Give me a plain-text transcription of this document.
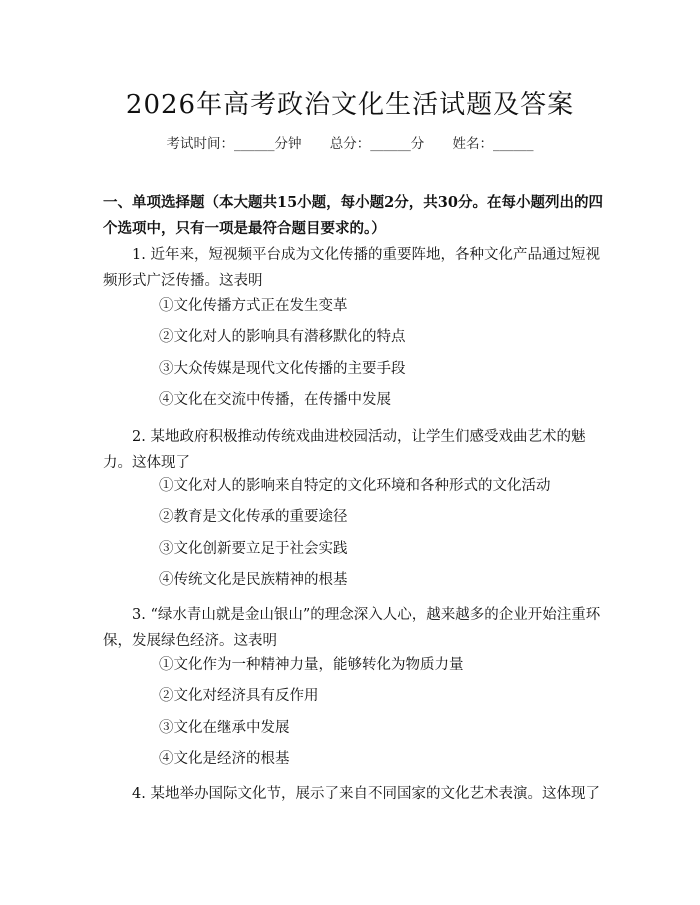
2026年高考政治文化生活试题及答案
考试时间：______分钟 总分：______分 姓名：______
一、单项选择题（本大题共15小题，每小题2分，共30分。在每小题列出的四个选项中，只有一项是最符合题目要求的。）
1. 近年来，短视频平台成为文化传播的重要阵地，各种文化产品通过短视频形式广泛传播。这表明
①文化传播方式正在发生变革
②文化对人的影响具有潜移默化的特点
③大众传媒是现代文化传播的主要手段
④文化在交流中传播，在传播中发展
2. 某地政府积极推动传统戏曲进校园活动，让学生们感受戏曲艺术的魅力。这体现了
①文化对人的影响来自特定的文化环境和各种形式的文化活动
②教育是文化传承的重要途径
③文化创新要立足于社会实践
④传统文化是民族精神的根基
3. “绿水青山就是金山银山”的理念深入人心，越来越多的企业开始注重环保，发展绿色经济。这表明
①文化作为一种精神力量，能够转化为物质力量
②文化对经济具有反作用
③文化在继承中发展
④文化是经济的根基
4. 某地举办国际文化节，展示了来自不同国家的文化艺术表演。这体现了
